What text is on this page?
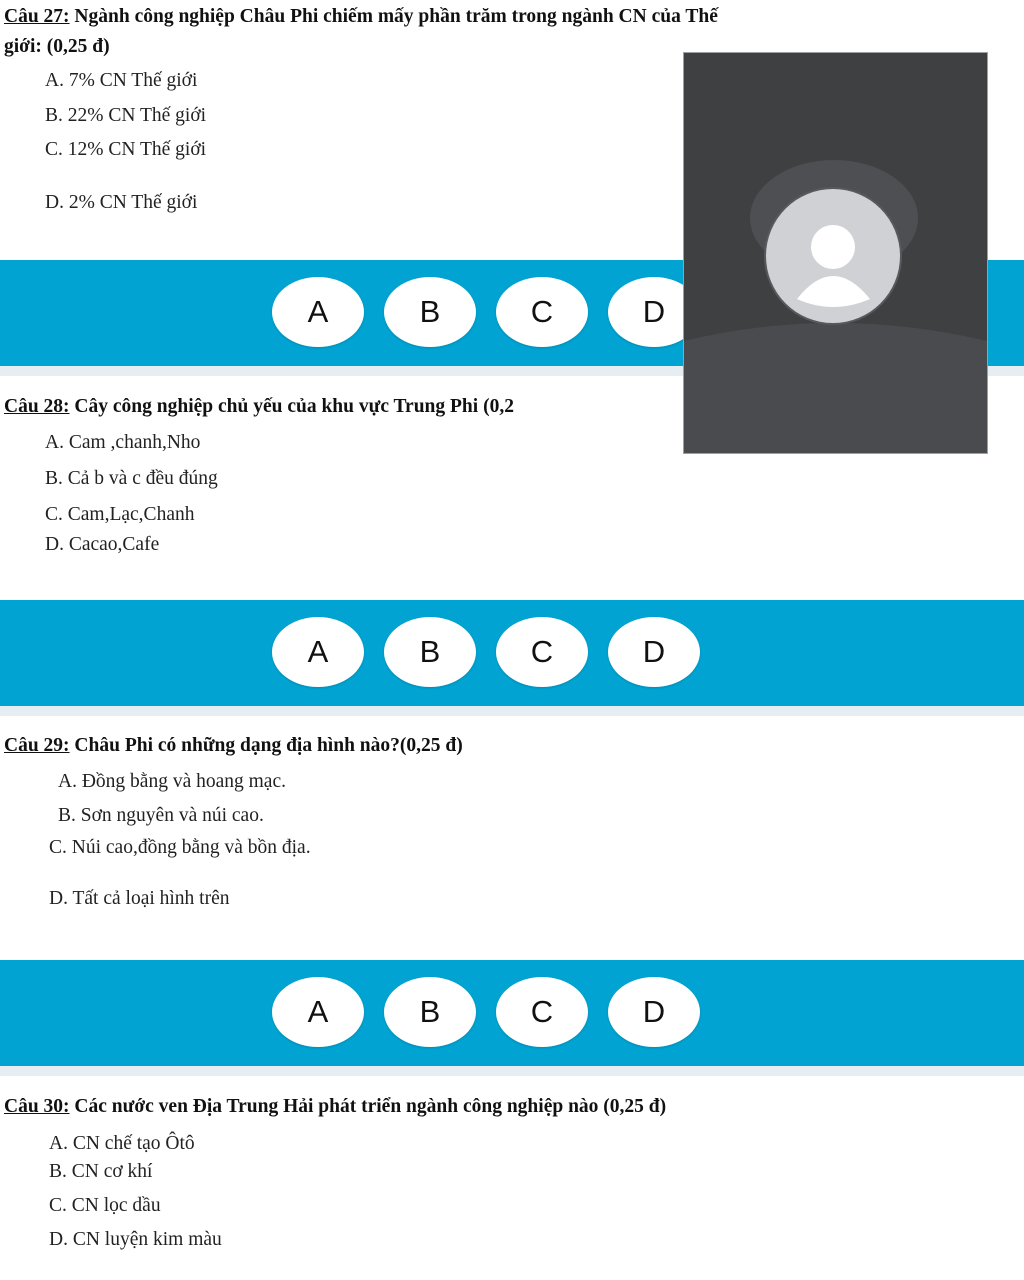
Câu 27: Ngành công nghiệp Châu Phi chiếm mấy phần trăm trong ngành CN của Thế

giới: (0,25 đ)

A. 7% CN Thế giới
B. 22% CN Thế giới
C. 12% CN Thế giới
D. 2% CN Thế giới
A	B	C	D

Câu 28: Cây công nghiệp chủ yếu của khu vực Trung Phi (0,2

A. Cam ,chanh,Nho
B. Cả b và c đều đúng
C. Cam,Lạc,Chanh
D. Cacao,Cafe
A	B	C	D

Câu 29: Châu Phi có những dạng địa hình nào?(0,25 đ)

A. Đồng bằng và hoang mạc.
B. Sơn nguyên và núi cao.
C. Núi cao,đồng bằng và bồn địa.
D. Tất cả loại hình trên
A	B	C	D

Câu 30: Các nước ven Địa Trung Hải phát triển ngành công nghiệp nào (0,25 đ)

A. CN chế tạo Ôtô
B. CN cơ khí
C. CN lọc dầu
D. CN luyện kim màu
